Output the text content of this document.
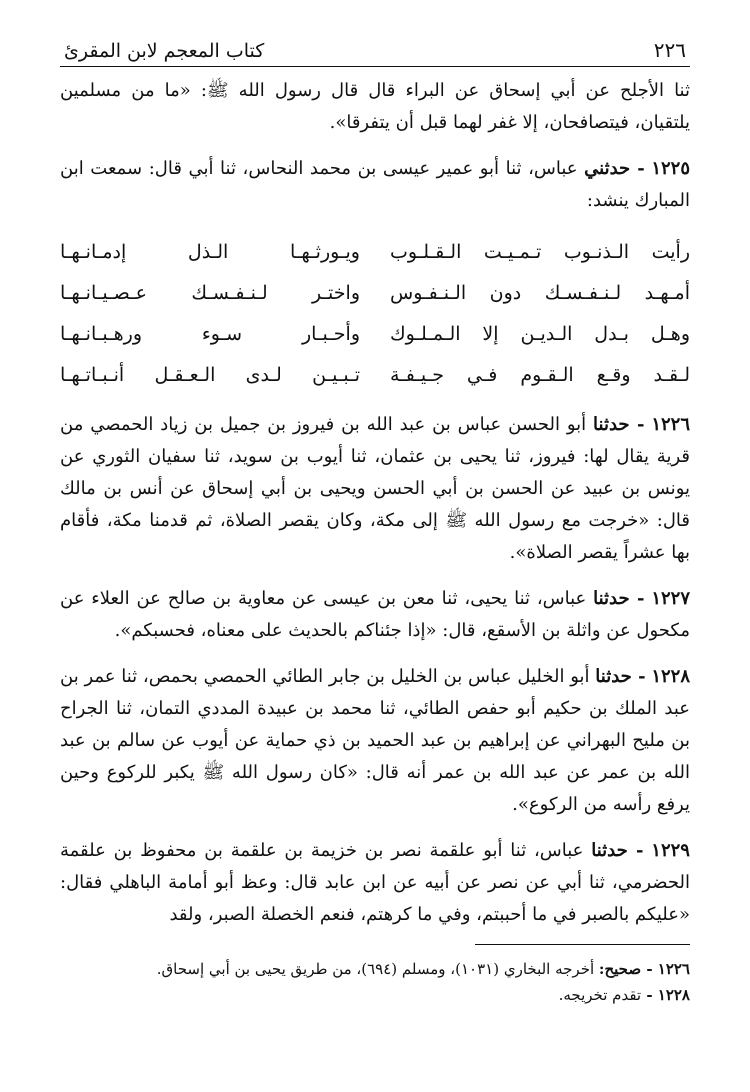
٢٢٦
كتاب المعجم لابن المقرئ

ثنا الأجلح عن أبي إسحاق عن البراء قال قال رسول الله ﷺ: «ما من مسلمين يلتقيان، فيتصافحان، إلا غفر لهما قبل أن يتفرقا».

١٢٢٥ - حدثني عباس، ثنا أبو عمير عيسى بن محمد النحاس، ثنا أبي قال: سمعت ابن المبارك ينشد:

رأيت الـذنـوب تـمـيـت الـقـلـوب
ويـورثـهـا الـذل إدمـانـهـا
أمـهـد لـنـفـسـك دون الـنـفـوس
واختـر لـنـفـسـك عـصـيـانـهـا
وهـل بـدل الـديـن إلا الـمـلـوك
وأحـبـار سـوء ورهـبـانـهـا
لـقـد وقـع الـقـوم فـي جـيـفـة
تـبـيـن لـدى الـعـقـل أنـبـاتـهـا

١٢٢٦ - حدثنا أبو الحسن عباس بن عبد الله بن فيروز بن جميل بن زياد الحمصي من قرية يقال لها: فيروز، ثنا يحيى بن عثمان، ثنا أيوب بن سويد، ثنا سفيان الثوري عن يونس بن عبيد عن الحسن بن أبي الحسن ويحيى بن أبي إسحاق عن أنس بن مالك قال: «خرجت مع رسول الله ﷺ إلى مكة، وكان يقصر الصلاة، ثم قدمنا مكة، فأقام بها عشراً يقصر الصلاة».

١٢٢٧ - حدثنا عباس، ثنا يحيى، ثنا معن بن عيسى عن معاوية بن صالح عن العلاء عن مكحول عن واثلة بن الأسقع، قال: «إذا جئناكم بالحديث على معناه، فحسبكم».

١٢٢٨ - حدثنا أبو الخليل عباس بن الخليل بن جابر الطائي الحمصي بحمص، ثنا عمر بن عبد الملك بن حكيم أبو حفص الطائي، ثنا محمد بن عبيدة المددي التمان، ثنا الجراح بن مليح البهراني عن إبراهيم بن عبد الحميد بن ذي حماية عن أيوب عن سالم بن عبد الله بن عمر عن عبد الله بن عمر أنه قال: «كان رسول الله ﷺ يكبر للركوع وحين يرفع رأسه من الركوع».

١٢٢٩ - حدثنا عباس، ثنا أبو علقمة نصر بن خزيمة بن علقمة بن محفوظ بن علقمة الحضرمي، ثنا أبي عن نصر عن أبيه عن ابن عابد قال: وعظ أبو أمامة الباهلي فقال: «عليكم بالصبر في ما أحببتم، وفي ما كرهتم، فنعم الخصلة الصبر، ولقد

١٢٢٦ - صحيح: أخرجه البخاري (١٠٣١)، ومسلم (٦٩٤)، من طريق يحيى بن أبي إسحاق.
١٢٢٨ - تقدم تخريجه.
